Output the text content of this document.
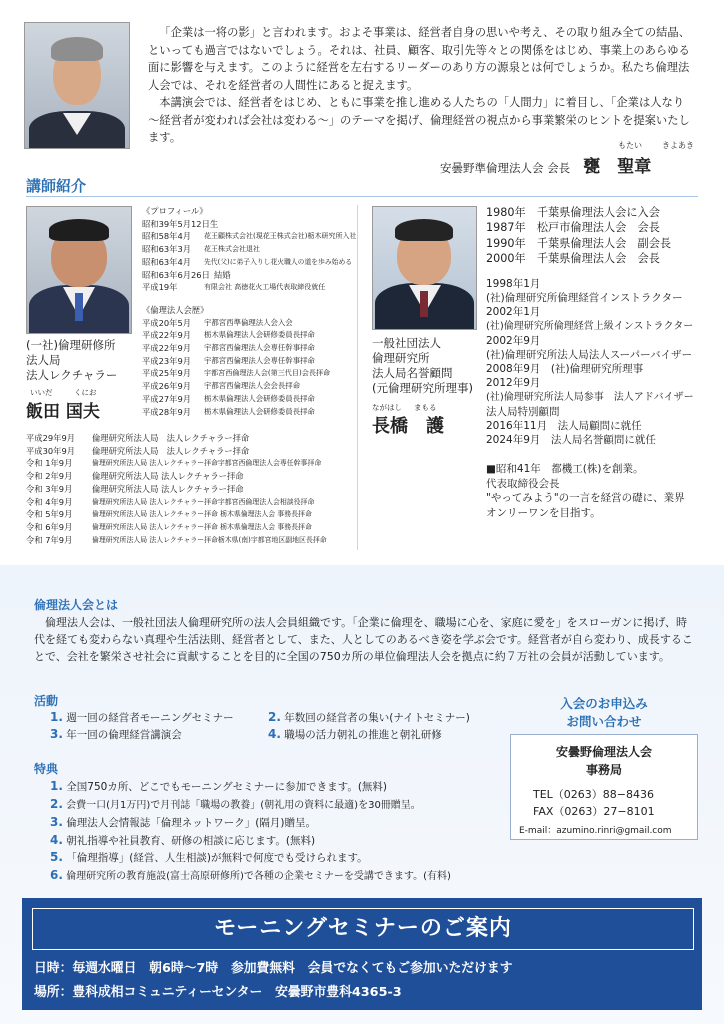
「企業は一将の影」と言われます。およそ事業は、経営者自身の思いや考え、その取り組み全ての結晶、といっても過言ではないでしょう。それは、社員、顧客、取引先等々との関係をはじめ、事業上のあらゆる面に影響を与えます。このように経営を左右するリーダーのあり方の源泉とは何でしょうか。私たち倫理法人会では、それを経営者の人間性にあると捉えます。

本講演会では、経営者をはじめ、ともに事業を推し進める人たちの「人間力」に着目し、「企業は人なり　～経営者が変われば会社は変わる～」のテーマを掲げ、倫理経営の視点から事業繁栄のヒントを提案いたします。

もたい	きよあき
安曇野準倫理法人会 会長 甕　聖章
講師紹介
《プロフィール》
昭和39年5月12日生
昭和58年4月	花王顧株式会社(現花王株式会社)栃木研究所入社
昭和63年3月	花王株式会社退社
昭和63年4月	先代(父)に弟子入りし花火職人の道を歩み始める
昭和63年6月26日 結婚
平成19年	有限会社 高徳花火工場代表取締役就任
《倫理法人会歴》
平成20年5月	宇都宮西準倫理法人会入会
平成22年9月	栃木県倫理法人会研修委員長拝命
平成22年9月	宇都宮西倫理法人会専任幹事拝命
平成23年9月	宇都宮西倫理法人会専任幹事拝命
平成25年9月	宇都宮西倫理法人会(第三代目)会長拝命
平成26年9月	宇都宮西倫理法人会会長拝命
平成27年9月	栃木県倫理法人会研修委員長拝命
平成28年9月	栃木県倫理法人会研修委員長拝命
(一社)倫理研修所
法人局
法人レクチャラー
いいだ	くにお
飯田 国夫
平成29年9月	倫理研究所法人局　法人レクチャラー拝命
平成30年9月	倫理研究所法人局　法人レクチャラー拝命
令和 1年9月	倫理研究所法人局 法人レクチャラー拝命宇都宮西倫理法人会専任幹事拝命
令和 2年9月	倫理研究所法人局 法人レクチャラー拝命
令和 3年9月	倫理研究所法人局 法人レクチャラー拝命
令和 4年9月	倫理研究所法人局 法人レクチャラー拝命宇都宮西倫理法人会相談役拝命
令和 5年9月	倫理研究所法人局 法人レクチャラー拝命 栃木県倫理法人会 事務長拝命
令和 6年9月	倫理研究所法人局 法人レクチャラー拝命 栃木県倫理法人会 事務長拝命
令和 7年9月	倫理研究所法人局 法人レクチャラー拝命栃木県(南)宇都宮地区副地区長拝命
1980年　千葉県倫理法人会に入会
1987年　松戸市倫理法人会　会長
1990年　千葉県倫理法人会　副会長
2000年　千葉県倫理法人会　会長
1998年1月
(社)倫理研究所倫理経営インストラクター
2002年1月
(社)倫理研究所倫理経営上級インストラクター
2002年9月
(社)倫理研究所法人局法人スーパーバイザー
2008年9月　(社)倫理研究所理事
2012年9月
(社)倫理研究所法人局参事　法人アドバイザー
法人局特別顧問
2016年11月　法人局顧問に就任
2024年9月　法人局名誉顧問に就任
■昭和41年　都機工(株)を創業。
代表取締役会長
"やってみよう"の一言を経営の礎に、業界
オンリーワンを目指す。
一般社団法人
倫理研究所
法人局名誉顧問
(元倫理研究所理事)
ながはし まもる
長橋　護
倫理法人会とは
倫理法人会は、一般社団法人倫理研究所の法人会員組織です。「企業に倫理を、職場に心を、家庭に愛を」をスローガンに掲げ、時代を経ても変わらない真理や生活法則、経営者として、また、人としてのあるべき姿を学ぶ会です。経営者が自ら変わり、成長することで、会社を繁栄させ社会に貢献することを目的に全国の750カ所の単位倫理法人会を拠点に約７万社の会員が活動しています。
活動
1. 週一回の経営者モーニングセミナー	2. 年数回の経営者の集い(ナイトセミナー)
3. 年一回の倫理経営講演会	4. 職場の活力朝礼の推進と朝礼研修
特典
1. 全国750カ所、どこでもモーニングセミナーに参加できます。(無料)
2. 会費一口(月1万円)で月刊誌「職場の教養」(朝礼用の資料に最適)を30冊贈呈。
3. 倫理法人会情報誌「倫理ネットワーク」(隔月)贈呈。
4. 朝礼指導や社員教育、研修の相談に応じます。(無料)
5. 「倫理指導」(経営、人生相談)が無料で何度でも受けられます。
6. 倫理研究所の教育施設(富士高原研修所)で各種の企業セミナーを受講できます。(有料)
入会のお申込み
お問い合わせ
安曇野倫理法人会
事務局
TEL（0263）88−8436
FAX（0263）27−8101
E-mail：azumino.rinri@gmail.com
モーニングセミナーのご案内
日時：毎週水曜日　朝6時〜7時　参加費無料　会員でなくてもご参加いただけます
場所：豊科成相コミュニティーセンター　安曇野市豊科4365-3
